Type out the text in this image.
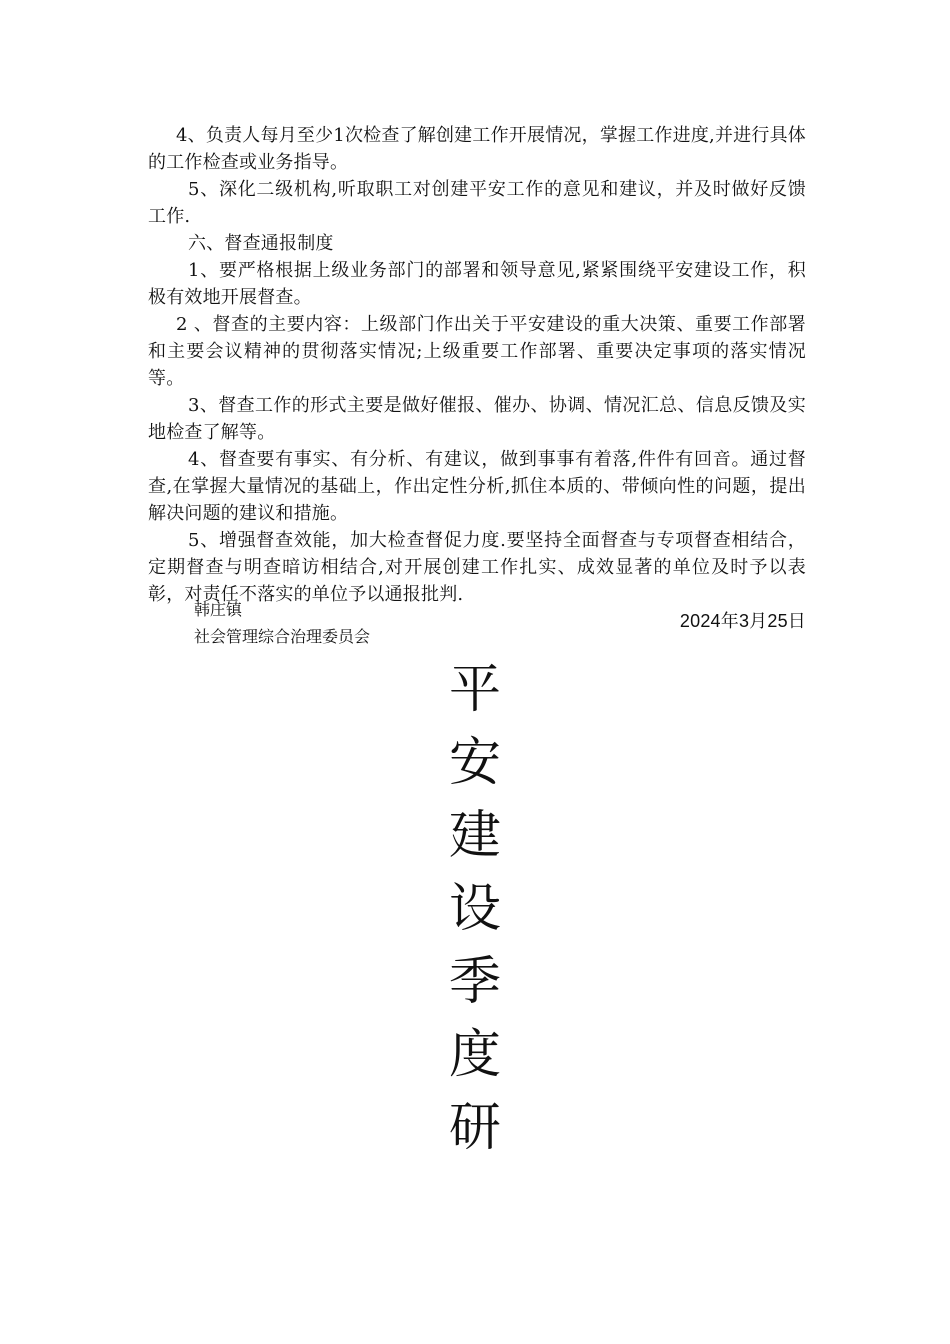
4、负责人每月至少1次检查了解创建工作开展情况，掌握工作进度,并进行具体的工作检查或业务指导。

5、深化二级机构,听取职工对创建平安工作的意见和建议，并及时做好反馈工作.

六、督查通报制度

1、要严格根据上级业务部门的部署和领导意见,紧紧围绕平安建设工作，积极有效地开展督查。

2 、督查的主要内容：上级部门作出关于平安建设的重大决策、重要工作部署和主要会议精神的贯彻落实情况;上级重要工作部署、重要决定事项的落实情况等。

3、督查工作的形式主要是做好催报、催办、协调、情况汇总、信息反馈及实地检查了解等。

4、督查要有事实、有分析、有建议，做到事事有着落,件件有回音。通过督查,在掌握大量情况的基础上，作出定性分析,抓住本质的、带倾向性的问题，提出解决问题的建议和措施。

5、增强督查效能，加大检查督促力度.要坚持全面督查与专项督查相结合，定期督查与明查暗访相结合,对开展创建工作扎实、成效显著的单位及时予以表彰，对责任不落实的单位予以通报批判.

2024年3月25日

韩庄镇
社会管理综合治理委员会
平
安
建
设
季
度
研
